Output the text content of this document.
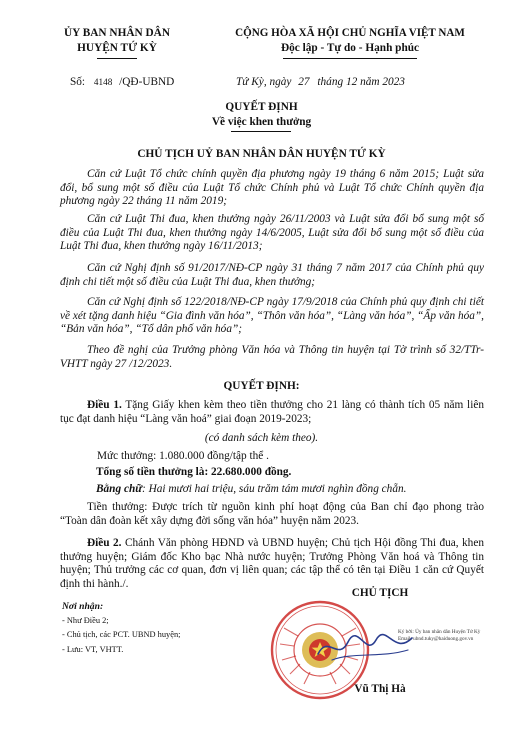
ỦY BAN NHÂN DÂN
HUYỆN TỨ KỲ
CỘNG HÒA XÃ HỘI CHỦ NGHĨA VIỆT NAM
Độc lập - Tự do - Hạnh phúc
Số: 4148 /QĐ-UBND	Tứ Kỳ, ngày 27 tháng 12 năm 2023
QUYẾT ĐỊNH
Về việc khen thưởng
CHỦ TỊCH UỶ BAN NHÂN DÂN HUYỆN TỨ KỲ
Căn cứ Luật Tổ chức chính quyền địa phương ngày 19 tháng 6 năm 2015; Luật sửa đổi, bổ sung một số điều của Luật Tổ chức Chính phủ và Luật Tổ chức Chính quyền địa phương ngày 22 tháng 11 năm 2019;
Căn cứ Luật Thi đua, khen thưởng ngày 26/11/2003 và Luật sửa đổi bổ sung một số điều của Luật Thi đua, khen thưởng ngày 14/6/2005, Luật sửa đổi bổ sung một số điều của Luật Thi đua, khen thưởng ngày 16/11/2013;
Căn cứ Nghị định số 91/2017/NĐ-CP ngày 31 tháng 7 năm 2017 của Chính phủ quy định chi tiết một số điều của Luật Thi đua, khen thưởng;
Căn cứ Nghị định số 122/2018/NĐ-CP ngày 17/9/2018 của Chính phủ quy định chi tiết về xét tặng danh hiệu “Gia đình văn hóa”, “Thôn văn hóa”, “Làng văn hóa”, “Ấp văn hóa”, “Bản văn hóa”, “Tổ dân phố văn hóa”;
Theo đề nghị của Trưởng phòng Văn hóa và Thông tin huyện tại Tờ trình số 32/TTr-VHTT ngày 27 /12/2023.
QUYẾT ĐỊNH:
Điều 1. Tặng Giấy khen kèm theo tiền thưởng cho 21 làng có thành tích 05 năm liên tục đạt danh hiệu “Làng văn hoá” giai đoạn 2019-2023;
(có danh sách kèm theo).
Mức thưởng: 1.080.000 đồng/tập thể .
Tổng số tiền thưởng là: 22.680.000 đồng.
Bằng chữ: Hai mươi hai triệu, sáu trăm tám mươi nghìn đồng chẵn.
Tiền thưởng: Được trích từ nguồn kinh phí hoạt động của Ban chỉ đạo phong trào “Toàn dân đoàn kết xây dựng đời sống văn hóa” huyện năm 2023.
Điều 2. Chánh Văn phòng HĐND và UBND huyện; Chủ tịch Hội đồng Thi đua, khen thưởng huyện; Giám đốc Kho bạc Nhà nước huyện; Trưởng Phòng Văn hoá và Thông tin huyện; Thủ trưởng các cơ quan, đơn vị liên quan; các tập thể có tên tại Điều 1 căn cứ Quyết định thi hành./.
CHỦ TỊCH
Nơi nhận:
- Như Điều 2;
- Chủ tịch, các PCT. UBND huyện;
- Lưu: VT, VHTT.
Ký bởi: Ủy ban nhân dân Huyện Tứ Kỳ
Email: ubnd.tuky@haiduong.gov.vn
Vũ Thị Hà
